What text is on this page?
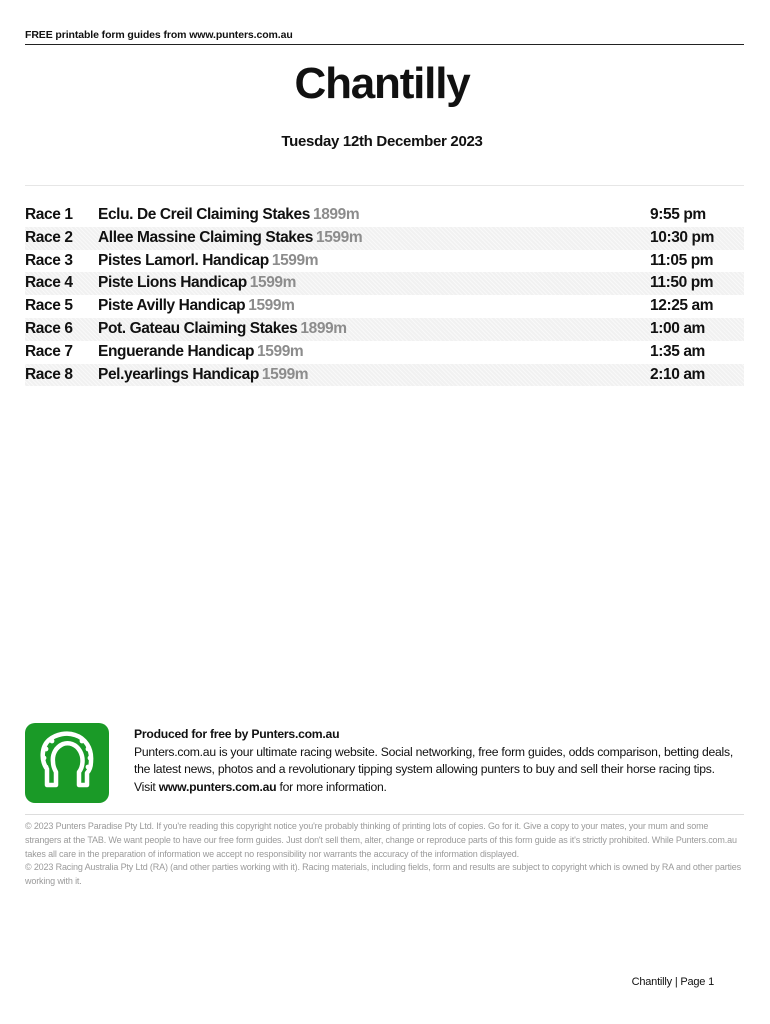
FREE printable form guides from www.punters.com.au
Chantilly
Tuesday 12th December 2023
Race 1 Eclu. De Creil Claiming Stakes 1899m	9:55 pm
Race 2 Allee Massine Claiming Stakes 1599m	10:30 pm
Race 3 Pistes Lamorl. Handicap 1599m	11:05 pm
Race 4 Piste Lions Handicap 1599m	11:50 pm
Race 5 Piste Avilly Handicap 1599m	12:25 am
Race 6 Pot. Gateau Claiming Stakes 1899m	1:00 am
Race 7 Enguerande Handicap 1599m	1:35 am
Race 8 Pel.yearlings Handicap 1599m	2:10 am
Produced for free by Punters.com.au
Punters.com.au is your ultimate racing website. Social networking, free form guides, odds comparison, betting deals, the latest news, photos and a revolutionary tipping system allowing punters to buy and sell their horse racing tips.
Visit www.punters.com.au for more information.

© 2023 Punters Paradise Pty Ltd. If you're reading this copyright notice you're probably thinking of printing lots of copies. Go for it. Give a copy to your mates, your mum and some strangers at the TAB. We want people to have our free form guides. Just don't sell them, alter, change or reproduce parts of this form guide as it's strictly prohibited. While Punters.com.au takes all care in the preparation of information we accept no responsibility nor warrants the accuracy of the information displayed.

© 2023 Racing Australia Pty Ltd (RA) (and other parties working with it). Racing materials, including fields, form and results are subject to copyright which is owned by RA and other parties working with it.

Chantilly | Page 1
